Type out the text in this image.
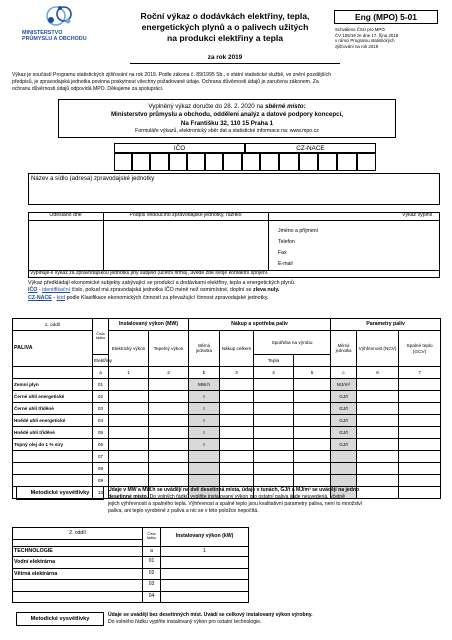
MINISTERSTVO
PRŮMYSLU A OBCHODU
Roční výkaz o dodávkách elektřiny, tepla,
energetických plynů a o palivech užitých
na produkci elektřiny a tepla
za rok 2019
Eng (MPO) 5-01
Schváleno ČSÚ pro MPO
ČV 105/19 ze dne 17. října 2018
v rámci Programu statistických
zjišťování na rok 2019
Výkaz je součástí Programu statistických zjišťování na rok 2019. Podle zákona č. 89/1995 Sb., o státní statistické službě, ve znění pozdějších
předpisů, je zpravodajská jednotka povinna poskytnout všechny požadované údaje. Ochrana důvěrnosti údajů je zaručena zákonem. Za
ochranu důvěrnosti údajů odpovídá MPO. Děkujeme za spolupráci.
Vyplněný výkaz doručte do 28. 2. 2020 na sběrné místo:
Ministerstvo průmyslu a obchodu, oddělení analýz a datové podpory koncepcí,
Na Františku 32, 110 15 Praha 1
Formuláře výkazů, elektronický sběr dat a statistické informace na: www.mpo.cz
IČO	CZ-NACE
Název a sídlo (adresa) zpravodajské jednotky
Odesláno dne	Podpis vedoucího zpravodajské jednotky, razítko	Výkaz vyplnil
Jméno a příjmení
Telefon
Fax
E-mail
Vyplňuje-li výkaz za zpravodajskou jednotku jiný subjekt (účetní firma), uvede zde svoje kontaktní spojení.
Výkaz předkládají ekonomické subjekty zabývající se produkcí a dodávkami elektřiny, tepla a energetických plynů.
IČO - identifikační číslo, pokud má zpravodajská jednotka IČO méně než osmimístné, doplní se zleva nuly.
CZ-NACE - kód podle Klasifikace ekonomických činností za převažující činnost zpravodajské jednotky.
1. oddíl	Číslo řádku	Instalovaný výkon (MW)		Nákup a spotřeba paliv				Parametry paliv		
PALIVA		Elektrický výkon	Tepelný výkon	Měrná jednotka	Nákup celkem	Spotřeba na výrobu		Měrná jednotka	Výhřevnost (NCV)	Spalné teplo (GCV)
	Elektřiny					Tepla				
	a	1	2	b	3	4	5	c	6	7
Zemní plyn	01			MW.h				MJ/m³		
Černé uhlí energetické	02			t				GJ/t		
Černé uhlí tříděné	03			t				GJ/t		
Hnědé uhlí energetické	04			t				GJ/t		
Hnědé uhlí tříděné	05			t				GJ/t		
Topný olej do 1 % síry	06			t				GJ/t		
	07									
	08									
	09									
	10									
Metodické vysvětlivky	Údaje v MW a MW.h se uvádějí na dvě desetinná místa, údaje v tunách, GJ/t a MJ/m³ se uvádějí na jedno
desetinné místo. Do volných řádků vyplňte instalovaný výkon pro ostatní paliva jinde neuvedená, včetně
jejich výhřevnosti a spalného tepla. Výhřevnost a spalné teplo jsou kvalitativní parametry paliva, není to množství
paliva, ani teplo vyrobené z paliva a nic se v této položce nepočítá.
2. oddíl	Číslo řádku	Instalovaný výkon (kW)

TECHNOLOGIE	a	1
Vodní elektrárna	01	
Větrná elektrárna	02	
	03	
	04	
Metodické vysvětlivky
Údaje se uvádějí bez desetinných míst. Uvádí se celkový instalovaný výkon výrobny.
Do volného řádku vyplňte instalovaný výkon pro ostatní technologie.
